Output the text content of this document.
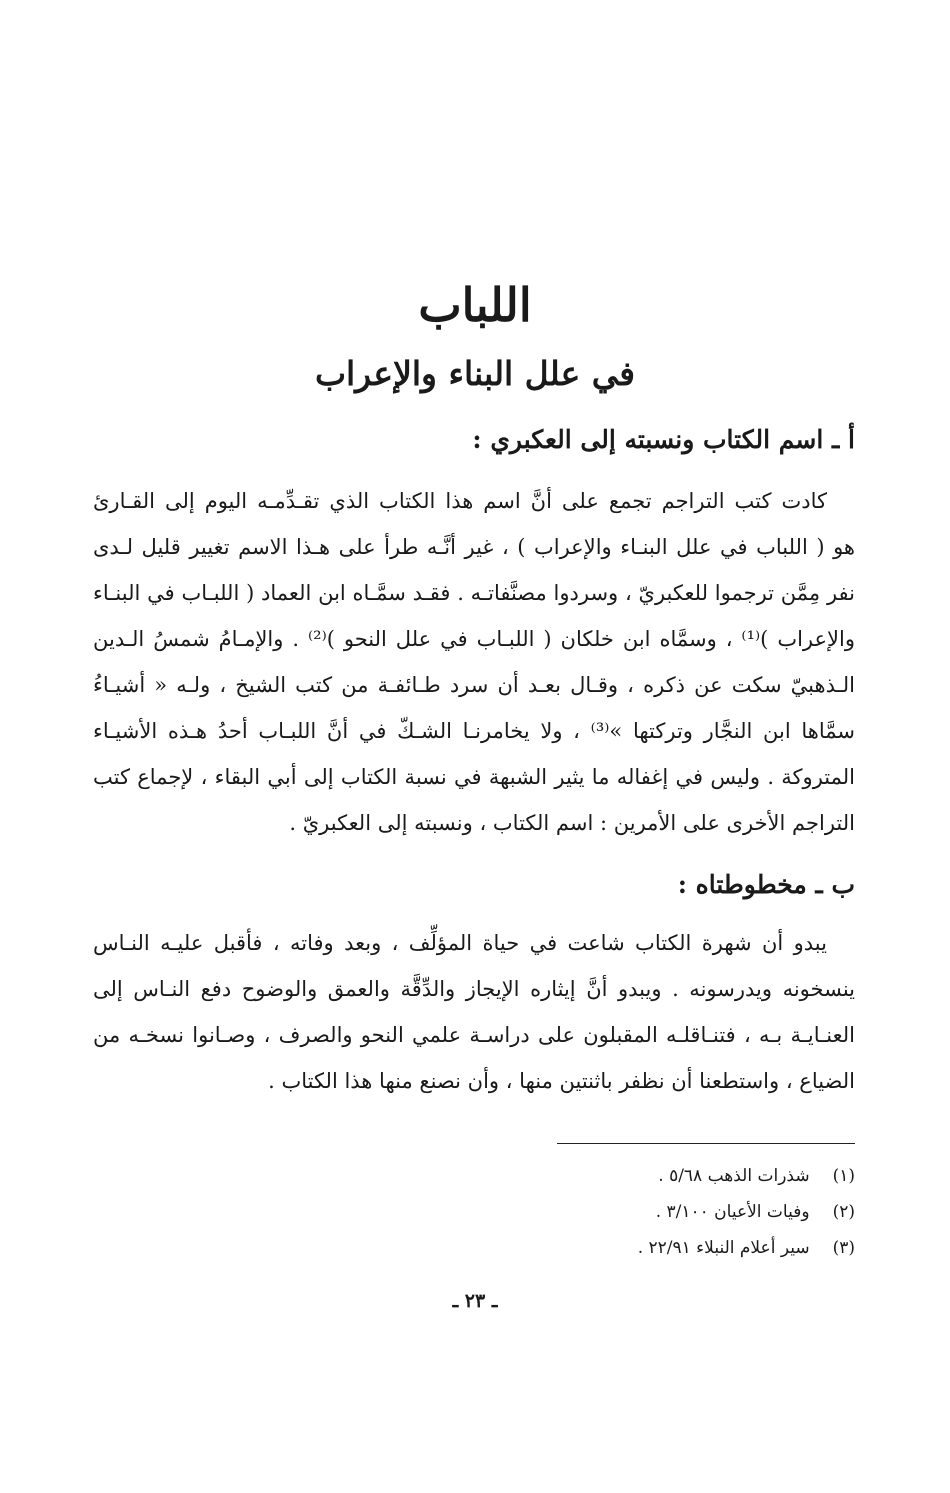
اللباب
في علل البناء والإعراب
أ ـ اسم الكتاب ونسبته إلى العكبري :
كادت كتب التراجم تجمع على أنَّ اسم هذا الكتاب الذي تقـدِّمـه اليوم إلى القـارئ
هو ( اللباب في علل البنـاء والإعراب ) ، غير أنَّـه طرأ على هـذا الاسم تغيير قليل لـدى
نفر مِمَّن ترجموا للعكبريّ ، وسردوا مصنَّفاتـه . فقـد سمَّـاه ابن العماد ( اللبـاب في البنـاء
والإعراب )⁽¹⁾ ، وسمَّاه ابن خلكان ( اللبـاب في علل النحو )⁽²⁾ . والإمـامُ شمسُ الـدين
الـذهبيّ سكت عن ذكره ، وقـال بعـد أن سرد طـائفـة من كتب الشيخ ، ولـه « أشيـاءُ
سمَّاها ابن النجَّار وتركتها »⁽³⁾ ، ولا يخامرنـا الشـكّ في أنَّ اللبـاب أحدُ هـذه الأشيـاء
المتروكة . وليس في إغفاله ما يثير الشبهة في نسبة الكتاب إلى أبي البقاء ، لإجماع كتب
التراجم الأخرى على الأمرين : اسم الكتاب ، ونسبته إلى العكبريّ .
ب ـ مخطوطتاه :
يبدو أن شهرة الكتاب شاعت في حياة المؤلِّف ، وبعد وفاته ، فأقبل عليـه النـاس
ينسخونه ويدرسونه . ويبدو أنَّ إيثاره الإيجاز والدِّقَّة والعمق والوضوح دفع النـاس إلى
العنـايـة بـه ، فتنـاقلـه المقبلون على دراسـة علمي النحو والصرف ، وصـانوا نسخـه من
الضياع ، واستطعنا أن نظفر باثنتين منها ، وأن نصنع منها هذا الكتاب .
(١) شذرات الذهب ٥/٦٨ .
(٢) وفيات الأعيان ٣/١٠٠ .
(٣) سير أعلام النبلاء ٢٢/٩١ .
ـ ٢٣ ـ
